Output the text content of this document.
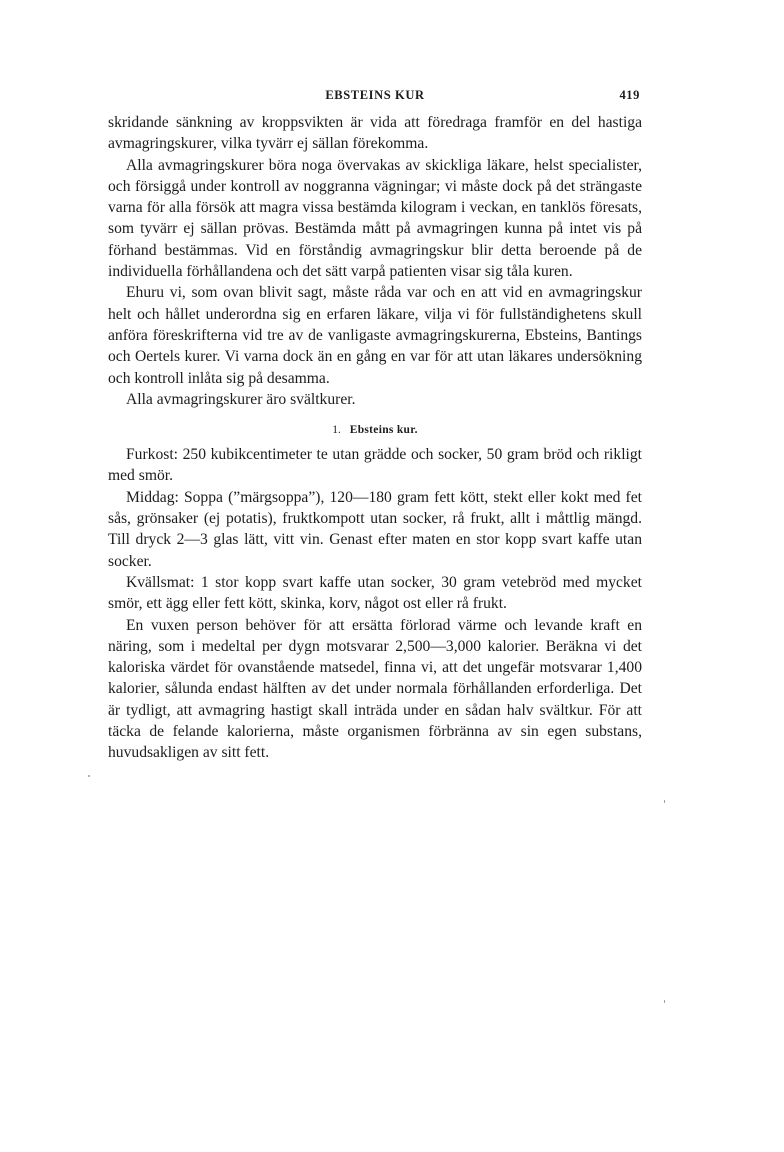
EBSTEINS KUR	419

skridande sänkning av kroppsvikten är vida att föredraga framför en del hastiga avmagringskurer, vilka tyvärr ej sällan förekomma.

Alla avmagringskurer böra noga övervakas av skickliga läkare, helst specialister, och försiggå under kontroll av noggranna vägningar; vi måste dock på det strängaste varna för alla försök att magra vissa bestämda kilogram i veckan, en tanklös föresats, som tyvärr ej sällan prövas. Bestämda mått på avmagringen kunna på intet vis på förhand bestämmas. Vid en förståndig avmagringskur blir detta beroende på de individuella förhållandena och det sätt varpå patienten visar sig tåla kuren.

Ehuru vi, som ovan blivit sagt, måste råda var och en att vid en avmagringskur helt och hållet underordna sig en erfaren läkare, vilja vi för fullständighetens skull anföra föreskrifterna vid tre av de vanligaste avmagringskurerna, Ebsteins, Bantings och Oertels kurer. Vi varna dock än en gång en var för att utan läkares undersökning och kontroll inlåta sig på desamma.

Alla avmagringskurer äro svältkurer.

1. Ebsteins kur.

Furkost: 250 kubikcentimeter te utan grädde och socker, 50 gram bröd och rikligt med smör.

Middag: Soppa (”märgsoppa”), 120—180 gram fett kött, stekt eller kokt med fet sås, grönsaker (ej potatis), fruktkompott utan socker, rå frukt, allt i måttlig mängd. Till dryck 2—3 glas lätt, vitt vin. Genast efter maten en stor kopp svart kaffe utan socker.

Kvällsmat: 1 stor kopp svart kaffe utan socker, 30 gram vetebröd med mycket smör, ett ägg eller fett kött, skinka, korv, något ost eller rå frukt.

En vuxen person behöver för att ersätta förlorad värme och levande kraft en näring, som i medeltal per dygn motsvarar 2,500—3,000 kalorier. Beräkna vi det kaloriska värdet för ovanstående matsedel, finna vi, att det ungefär motsvarar 1,400 kalorier, sålunda endast hälften av det under normala förhållanden erforderliga. Det är tydligt, att avmagring hastigt skall inträda under en sådan halv svältkur. För att täcka de felande kalorierna, måste organismen förbränna av sin egen substans, huvudsakligen av sitt fett.
